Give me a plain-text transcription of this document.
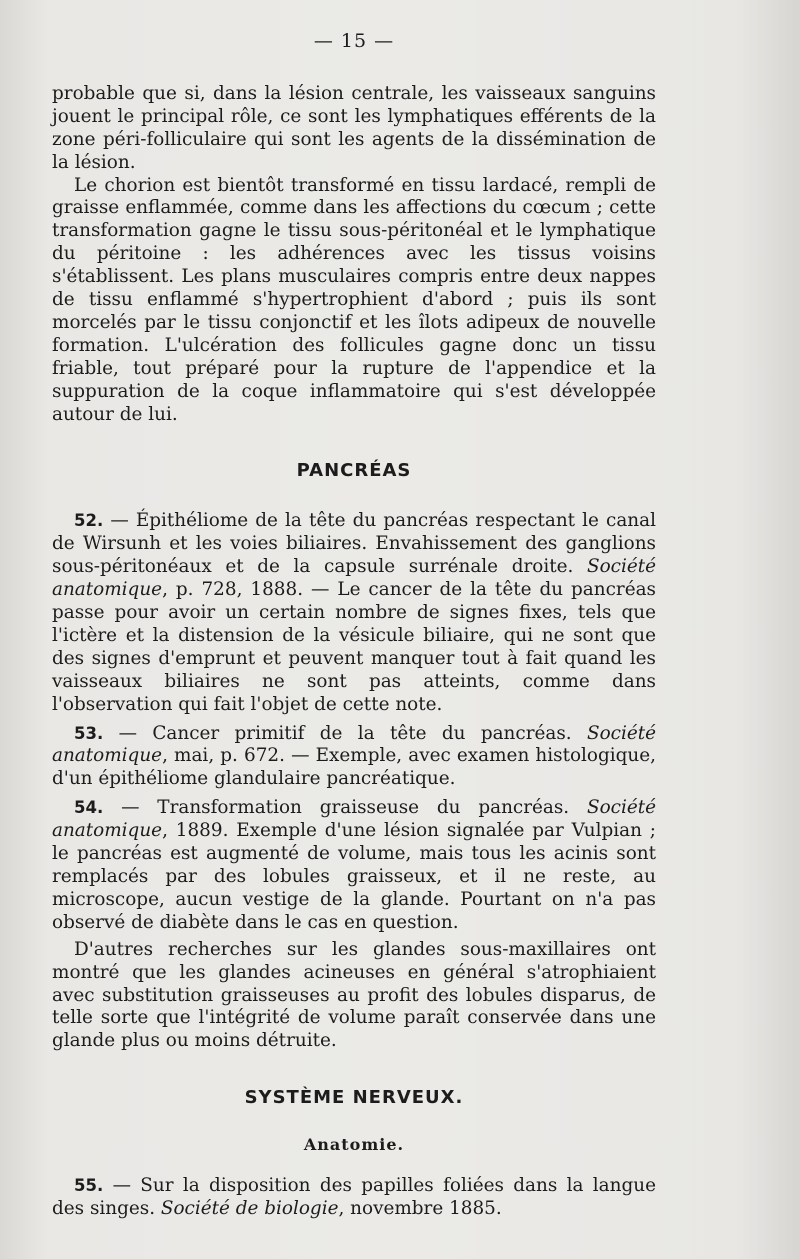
— 15 —

probable que si, dans la lésion centrale, les vaisseaux sanguins jouent le principal rôle, ce sont les lymphatiques efférents de la zone péri-folliculaire qui sont les agents de la dissémination de la lésion.

Le chorion est bientôt transformé en tissu lardacé, rempli de graisse enflammée, comme dans les affections du cœcum ; cette transformation gagne le tissu sous-péritonéal et le lymphatique du péritoine : les adhérences avec les tissus voisins s'établissent. Les plans musculaires compris entre deux nappes de tissu enflammé s'hypertrophient d'abord ; puis ils sont morcelés par le tissu conjonctif et les îlots adipeux de nouvelle formation. L'ulcération des follicules gagne donc un tissu friable, tout préparé pour la rupture de l'appendice et la suppuration de la coque inflammatoire qui s'est développée autour de lui.

PANCRÉAS

52. — Épithéliome de la tête du pancréas respectant le canal de Wirsunh et les voies biliaires. Envahissement des ganglions sous-péritonéaux et de la capsule surrénale droite. Société anatomique, p. 728, 1888. — Le cancer de la tête du pancréas passe pour avoir un certain nombre de signes fixes, tels que l'ictère et la distension de la vésicule biliaire, qui ne sont que des signes d'emprunt et peuvent manquer tout à fait quand les vaisseaux biliaires ne sont pas atteints, comme dans l'observation qui fait l'objet de cette note.

53. — Cancer primitif de la tête du pancréas. Société anatomique, mai, p. 672. — Exemple, avec examen histologique, d'un épithéliome glandulaire pancréatique.

54. — Transformation graisseuse du pancréas. Société anatomique, 1889. Exemple d'une lésion signalée par Vulpian ; le pancréas est augmenté de volume, mais tous les acinis sont remplacés par des lobules graisseux, et il ne reste, au microscope, aucun vestige de la glande. Pourtant on n'a pas observé de diabète dans le cas en question.

D'autres recherches sur les glandes sous-maxillaires ont montré que les glandes acineuses en général s'atrophiaient avec substitution graisseuses au profit des lobules disparus, de telle sorte que l'intégrité de volume paraît conservée dans une glande plus ou moins détruite.

SYSTÈME NERVEUX.
Anatomie.

55. — Sur la disposition des papilles foliées dans la langue des singes. Société de biologie, novembre 1885.
